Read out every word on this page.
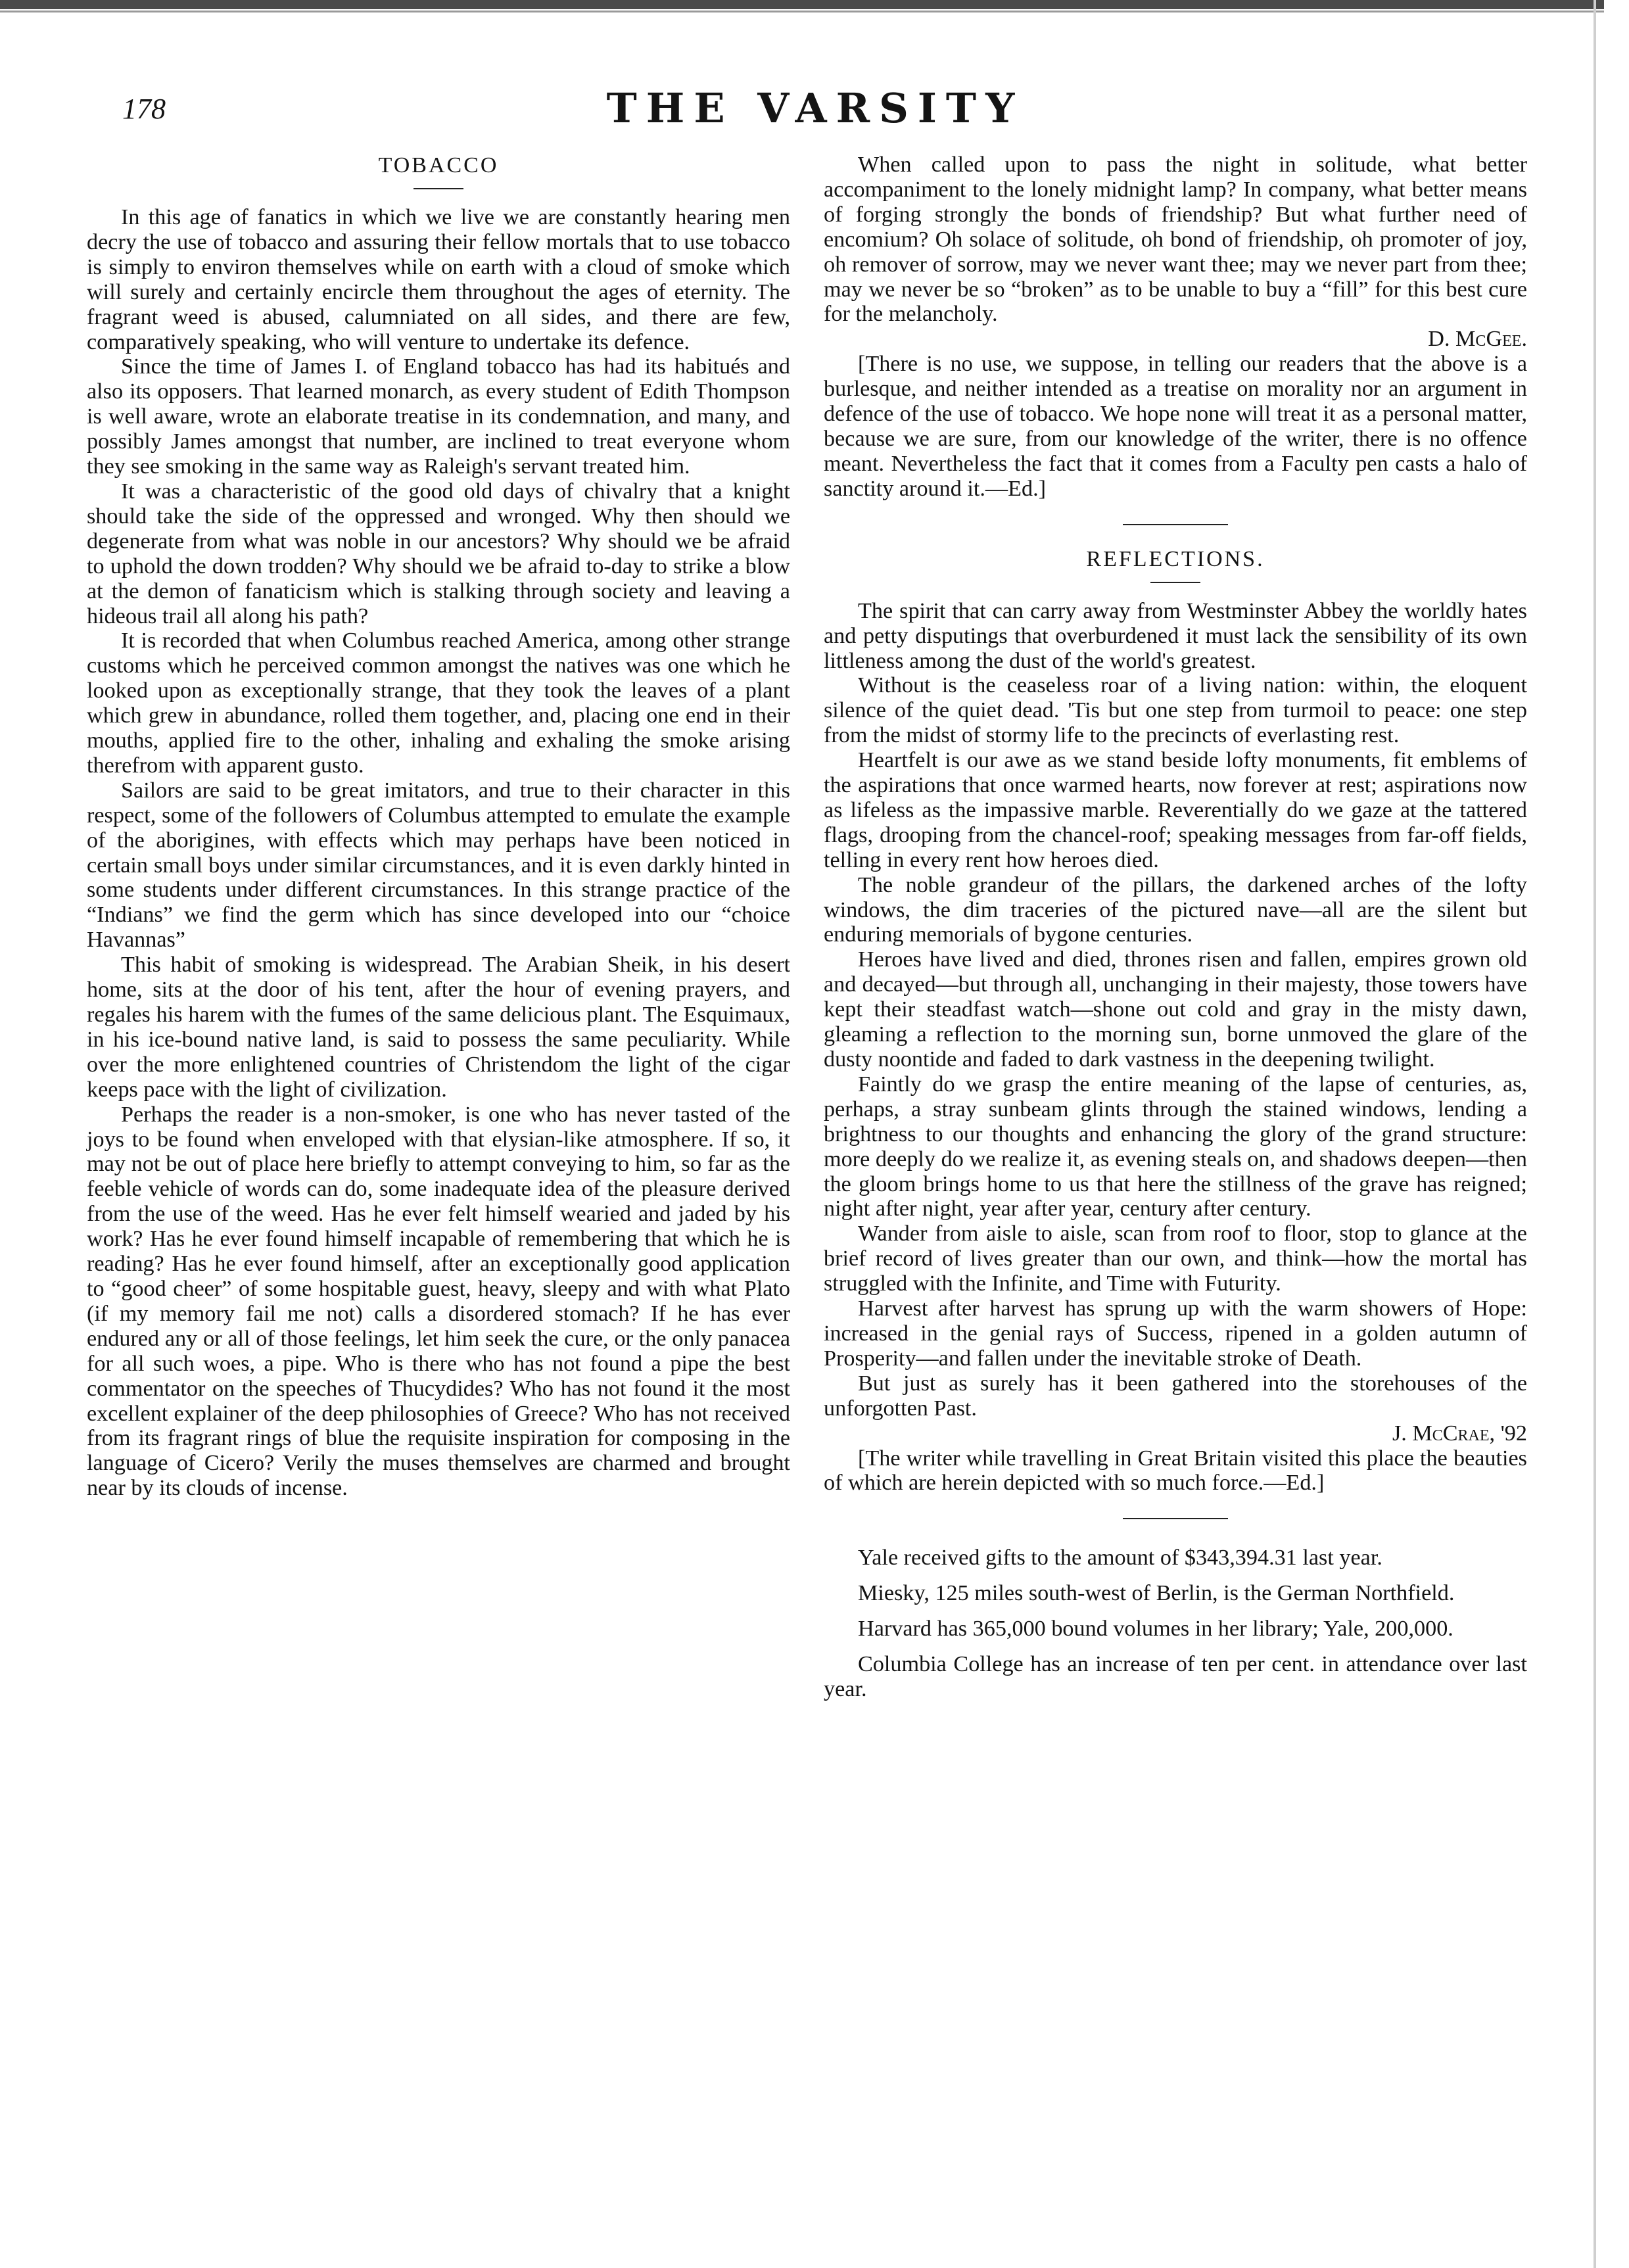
178	THE VARSITY
TOBACCO

In this age of fanatics in which we live we are constantly hearing men decry the use of tobacco and assuring their fellow mortals that to use tobacco is simply to environ themselves while on earth with a cloud of smoke which will surely and certainly encircle them throughout the ages of eternity. The fragrant weed is abused, calumniated on all sides, and there are few, comparatively speaking, who will venture to undertake its defence.

Since the time of James I. of England tobacco has had its habitués and also its opposers. That learned monarch, as every student of Edith Thompson is well aware, wrote an elaborate treatise in its condemnation, and many, and possibly James amongst that number, are inclined to treat everyone whom they see smoking in the same way as Raleigh's servant treated him.

It was a characteristic of the good old days of chivalry that a knight should take the side of the oppressed and wronged. Why then should we degenerate from what was noble in our ancestors? Why should we be afraid to uphold the down trodden? Why should we be afraid to-day to strike a blow at the demon of fanaticism which is stalking through society and leaving a hideous trail all along his path?

It is recorded that when Columbus reached America, among other strange customs which he perceived common amongst the natives was one which he looked upon as exceptionally strange, that they took the leaves of a plant which grew in abundance, rolled them together, and, placing one end in their mouths, applied fire to the other, inhaling and exhaling the smoke arising therefrom with apparent gusto.

Sailors are said to be great imitators, and true to their character in this respect, some of the followers of Columbus attempted to emulate the example of the aborigines, with effects which may perhaps have been noticed in certain small boys under similar circumstances, and it is even darkly hinted in some students under different circumstances. In this strange practice of the “Indians” we find the germ which has since developed into our “choice Havannas”

This habit of smoking is widespread. The Arabian Sheik, in his desert home, sits at the door of his tent, after the hour of evening prayers, and regales his harem with the fumes of the same delicious plant. The Esquimaux, in his ice-bound native land, is said to possess the same peculiarity. While over the more enlightened countries of Christendom the light of the cigar keeps pace with the light of civilization.

Perhaps the reader is a non-smoker, is one who has never tasted of the joys to be found when enveloped with that elysian-like atmosphere. If so, it may not be out of place here briefly to attempt conveying to him, so far as the feeble vehicle of words can do, some inadequate idea of the pleasure derived from the use of the weed. Has he ever felt himself wearied and jaded by his work? Has he ever found himself incapable of remembering that which he is reading? Has he ever found himself, after an exceptionally good application to “good cheer” of some hospitable guest, heavy, sleepy and with what Plato (if my memory fail me not) calls a disordered stomach? If he has ever endured any or all of those feelings, let him seek the cure, or the only panacea for all such woes, a pipe. Who is there who has not found a pipe the best commentator on the speeches of Thucydides? Who has not found it the most excellent explainer of the deep philosophies of Greece? Who has not received from its fragrant rings of blue the requisite inspiration for composing in the language of Cicero? Verily the muses themselves are charmed and brought near by its clouds of incense.

When called upon to pass the night in solitude, what better accompaniment to the lonely midnight lamp? In company, what better means of forging strongly the bonds of friendship? But what further need of encomium? Oh solace of solitude, oh bond of friendship, oh promoter of joy, oh remover of sorrow, may we never want thee; may we never part from thee; may we never be so “broken” as to be unable to buy a “fill” for this best cure for the melancholy.

D. McGee.

[There is no use, we suppose, in telling our readers that the above is a burlesque, and neither intended as a treatise on morality nor an argument in defence of the use of tobacco. We hope none will treat it as a personal matter, because we are sure, from our knowledge of the writer, there is no offence meant. Nevertheless the fact that it comes from a Faculty pen casts a halo of sanctity around it.—Ed.]

REFLECTIONS.

The spirit that can carry away from Westminster Abbey the worldly hates and petty disputings that overburdened it must lack the sensibility of its own littleness among the dust of the world's greatest.

Without is the ceaseless roar of a living nation: within, the eloquent silence of the quiet dead. 'Tis but one step from turmoil to peace: one step from the midst of stormy life to the precincts of everlasting rest.

Heartfelt is our awe as we stand beside lofty monuments, fit emblems of the aspirations that once warmed hearts, now forever at rest; aspirations now as lifeless as the impassive marble. Reverentially do we gaze at the tattered flags, drooping from the chancel-roof; speaking messages from far-off fields, telling in every rent how heroes died.

The noble grandeur of the pillars, the darkened arches of the lofty windows, the dim traceries of the pictured nave—all are the silent but enduring memorials of bygone centuries.

Heroes have lived and died, thrones risen and fallen, empires grown old and decayed—but through all, unchanging in their majesty, those towers have kept their steadfast watch—shone out cold and gray in the misty dawn, gleaming a reflection to the morning sun, borne unmoved the glare of the dusty noontide and faded to dark vastness in the deepening twilight.

Faintly do we grasp the entire meaning of the lapse of centuries, as, perhaps, a stray sunbeam glints through the stained windows, lending a brightness to our thoughts and enhancing the glory of the grand structure: more deeply do we realize it, as evening steals on, and shadows deepen—then the gloom brings home to us that here the stillness of the grave has reigned; night after night, year after year, century after century.

Wander from aisle to aisle, scan from roof to floor, stop to glance at the brief record of lives greater than our own, and think—how the mortal has struggled with the Infinite, and Time with Futurity.

Harvest after harvest has sprung up with the warm showers of Hope: increased in the genial rays of Success, ripened in a golden autumn of Prosperity—and fallen under the inevitable stroke of Death.

But just as surely has it been gathered into the storehouses of the unforgotten Past.

J. McCrae, '92

[The writer while travelling in Great Britain visited this place the beauties of which are herein depicted with so much force.—Ed.]

Yale received gifts to the amount of $343,394.31 last year.

Miesky, 125 miles south-west of Berlin, is the German Northfield.

Harvard has 365,000 bound volumes in her library; Yale, 200,000.

Columbia College has an increase of ten per cent. in attendance over last year.
